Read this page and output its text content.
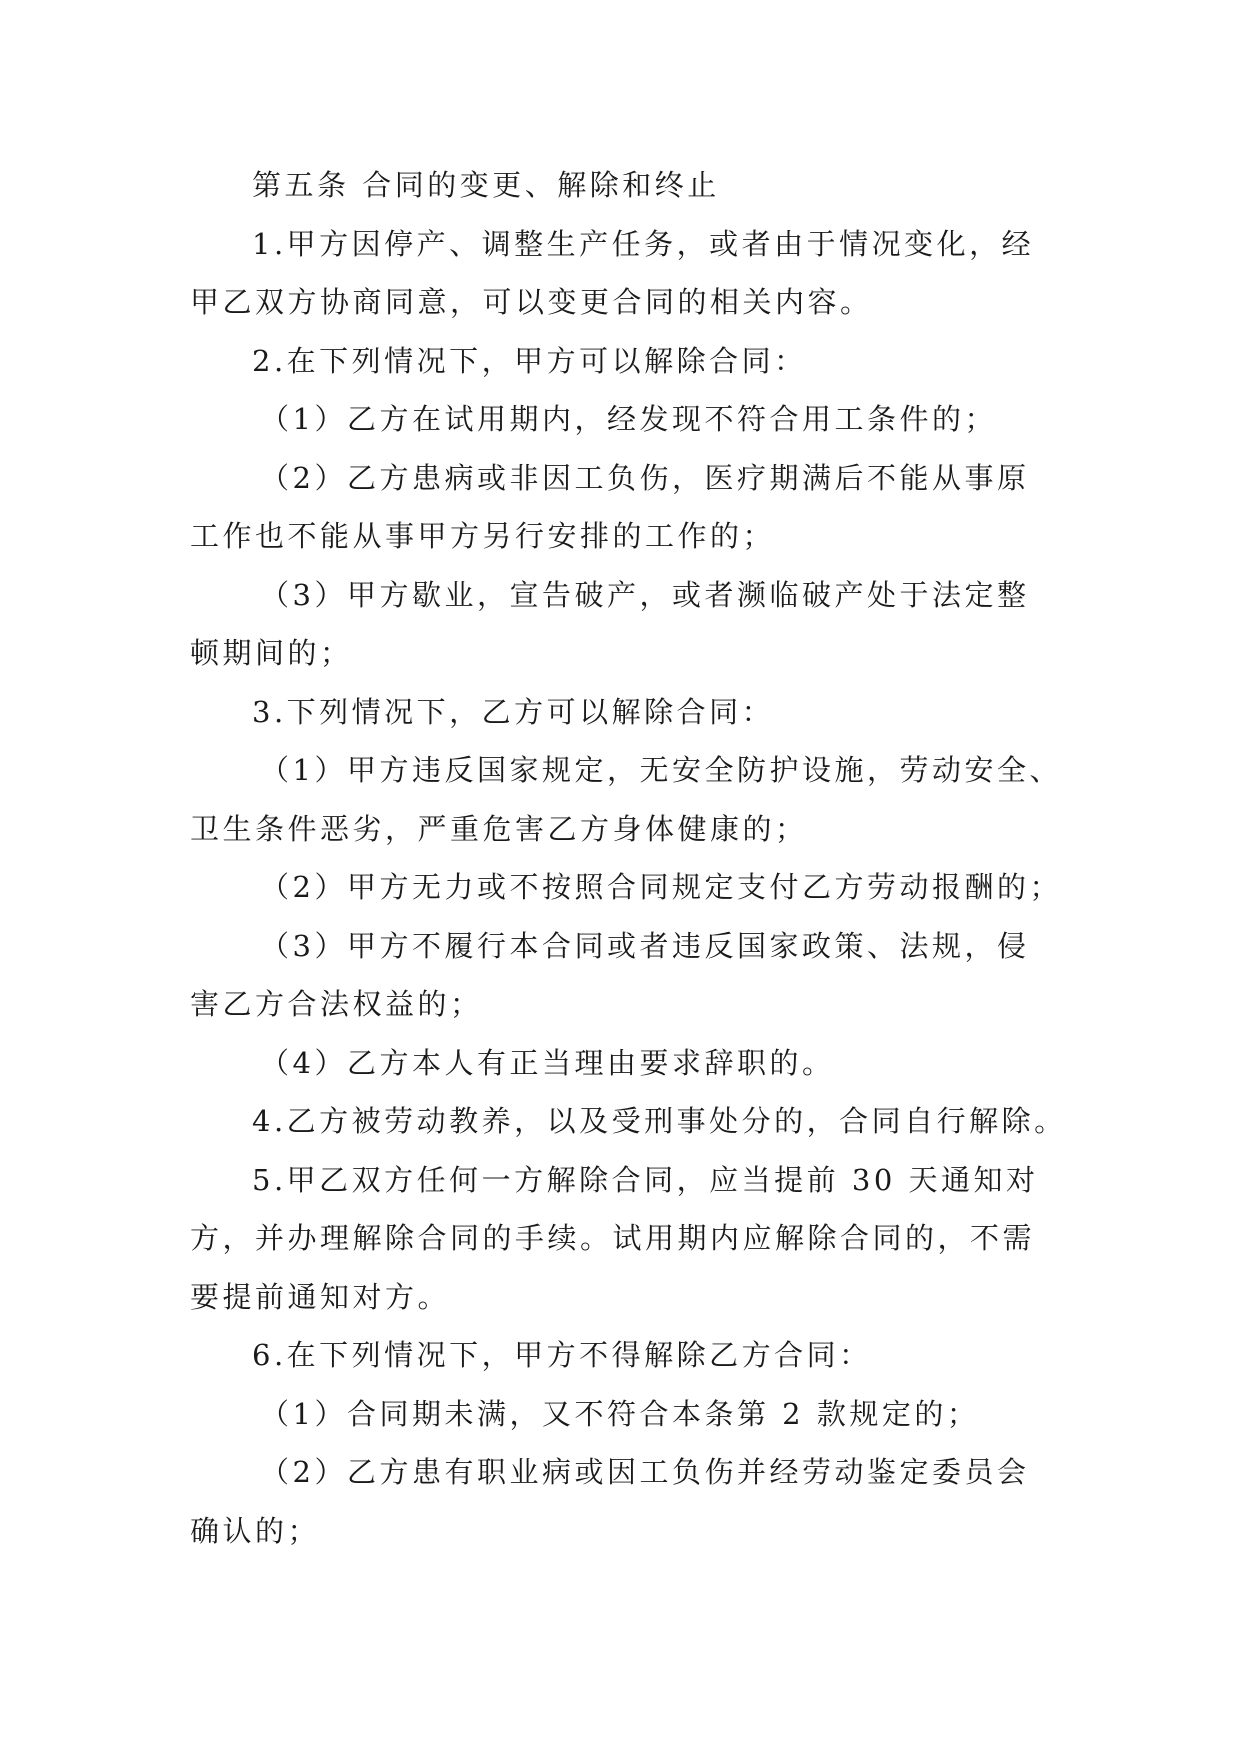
第五条 合同的变更、解除和终止
1.甲方因停产、调整生产任务，或者由于情况变化，经
甲乙双方协商同意，可以变更合同的相关内容。
2.在下列情况下，甲方可以解除合同：
（1）乙方在试用期内，经发现不符合用工条件的；
（2）乙方患病或非因工负伤，医疗期满后不能从事原
工作也不能从事甲方另行安排的工作的；
（3）甲方歇业，宣告破产，或者濒临破产处于法定整
顿期间的；
3.下列情况下，乙方可以解除合同：
（1）甲方违反国家规定，无安全防护设施，劳动安全、
卫生条件恶劣，严重危害乙方身体健康的；
（2）甲方无力或不按照合同规定支付乙方劳动报酬的；
（3）甲方不履行本合同或者违反国家政策、法规，侵
害乙方合法权益的；
（4）乙方本人有正当理由要求辞职的。
4.乙方被劳动教养，以及受刑事处分的，合同自行解除。
5.甲乙双方任何一方解除合同，应当提前 30 天通知对
方，并办理解除合同的手续。试用期内应解除合同的，不需
要提前通知对方。
6.在下列情况下，甲方不得解除乙方合同：
（1）合同期未满，又不符合本条第 2 款规定的；
（2）乙方患有职业病或因工负伤并经劳动鉴定委员会
确认的；
